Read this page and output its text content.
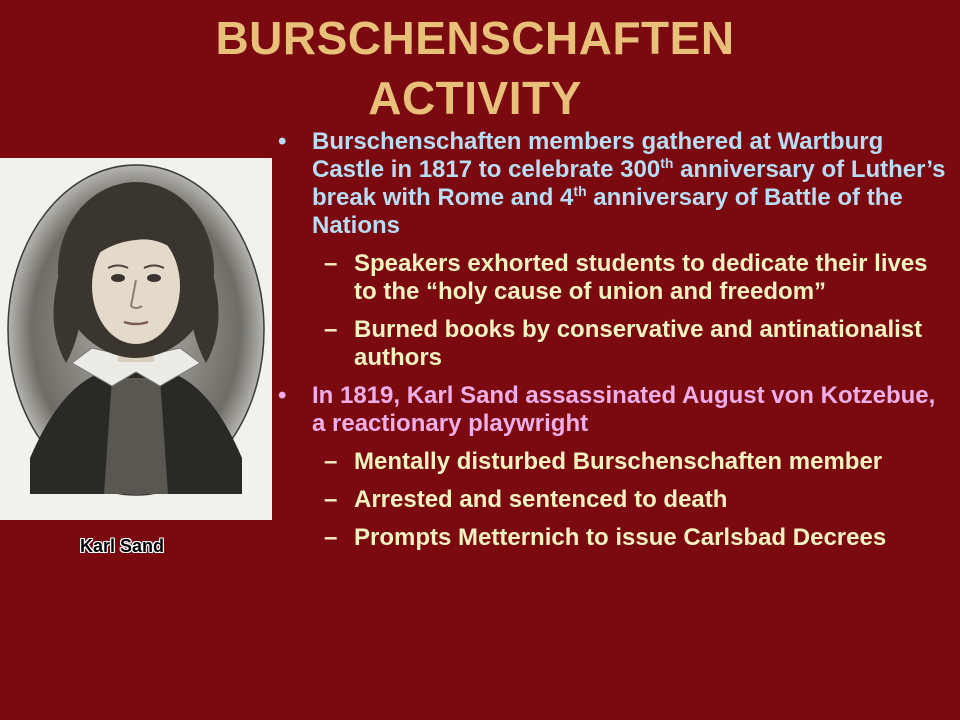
BURSCHENSCHAFTEN
ACTIVITY
Karl Sand
• Burschenschaften members gathered at Wartburg Castle in 1817 to celebrate 300th anniversary of Luther’s break with Rome and 4th anniversary of Battle of the Nations
– Speakers exhorted students to dedicate their lives to the “holy cause of union and freedom”
– Burned books by conservative and antinationalist authors
• In 1819, Karl Sand assassinated August von Kotzebue, a reactionary playwright
– Mentally disturbed Burschenschaften member
– Arrested and sentenced to death
– Prompts Metternich to issue Carlsbad Decrees
